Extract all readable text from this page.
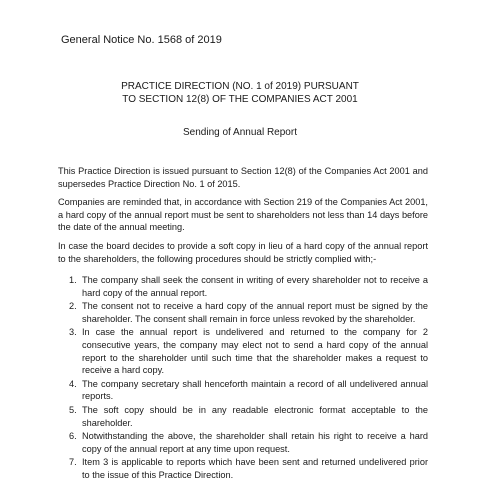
General Notice No. 1568 of 2019
PRACTICE DIRECTION (NO. 1 of 2019) PURSUANT
TO SECTION 12(8) OF THE COMPANIES ACT 2001
Sending of Annual Report
This Practice Direction is issued pursuant to Section 12(8) of the Companies Act 2001 and supersedes Practice Direction No. 1 of 2015.
Companies are reminded that, in accordance with Section 219 of the Companies Act 2001, a hard copy of the annual report must be sent to shareholders not less than 14 days before the date of the annual meeting.
In case the board decides to provide a soft copy in lieu of a hard copy of the annual report to the shareholders, the following procedures should be strictly complied with;-
1. The company shall seek the consent in writing of every shareholder not to receive a hard copy of the annual report.
2. The consent not to receive a hard copy of the annual report must be signed by the shareholder. The consent shall remain in force unless revoked by the shareholder.
3. In case the annual report is undelivered and returned to the company for 2 consecutive years, the company may elect not to send a hard copy of the annual report to the shareholder until such time that the shareholder makes a request to receive a hard copy.
4. The company secretary shall henceforth maintain a record of all undelivered annual reports.
5. The soft copy should be in any readable electronic format acceptable to the shareholder.
6. Notwithstanding the above, the shareholder shall retain his right to receive a hard copy of the annual report at any time upon request.
7. Item 3 is applicable to reports which have been sent and returned undelivered prior to the issue of this Practice Direction.
